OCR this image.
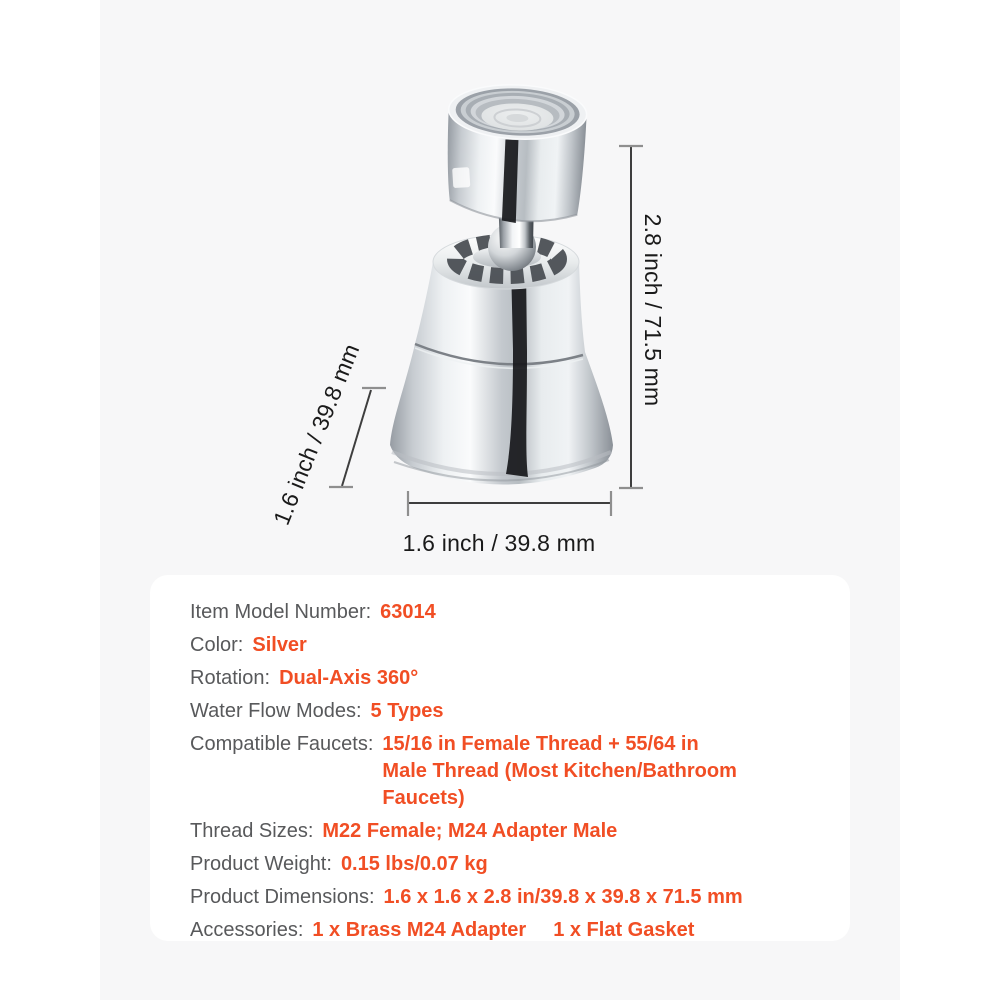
2.8 inch / 71.5 mm
1.6 inch / 39.8 mm
1.6 inch / 39.8 mm
Item Model Number: 63014
Color: Silver
Rotation: Dual-Axis 360°
Water Flow Modes: 5 Types
Compatible Faucets: 15/16 in Female Thread + 55/64 in
Male Thread (Most Kitchen/Bathroom Faucets)
Thread Sizes: M22 Female; M24 Adapter Male
Product Weight: 0.15 lbs/0.07 kg
Product Dimensions: 1.6 x 1.6 x 2.8 in/39.8 x 39.8 x 71.5 mm
Accessories: 1 x Brass M24 Adapter 1 x Flat Gasket
